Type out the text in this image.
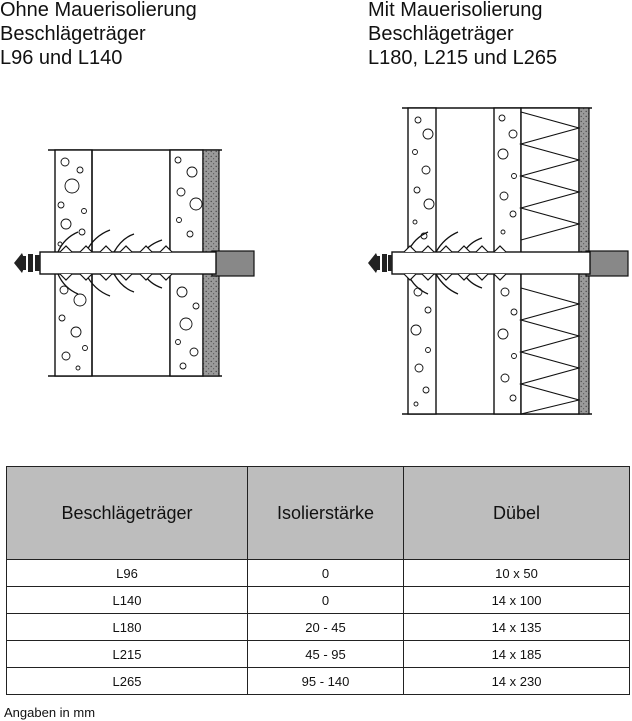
Ohne Mauerisolierung
Beschlägeträger
L96 und L140
Mit Mauerisolierung
Beschlägeträger
L180, L215 und L265
Beschlägeträger	Isolierstärke	Dübel
L96	0	10 x 50
L140	0	14 x 100
L180	20 - 45	14 x 135
L215	45 - 95	14 x 185
L265	95 - 140	14 x 230
Angaben in mm
